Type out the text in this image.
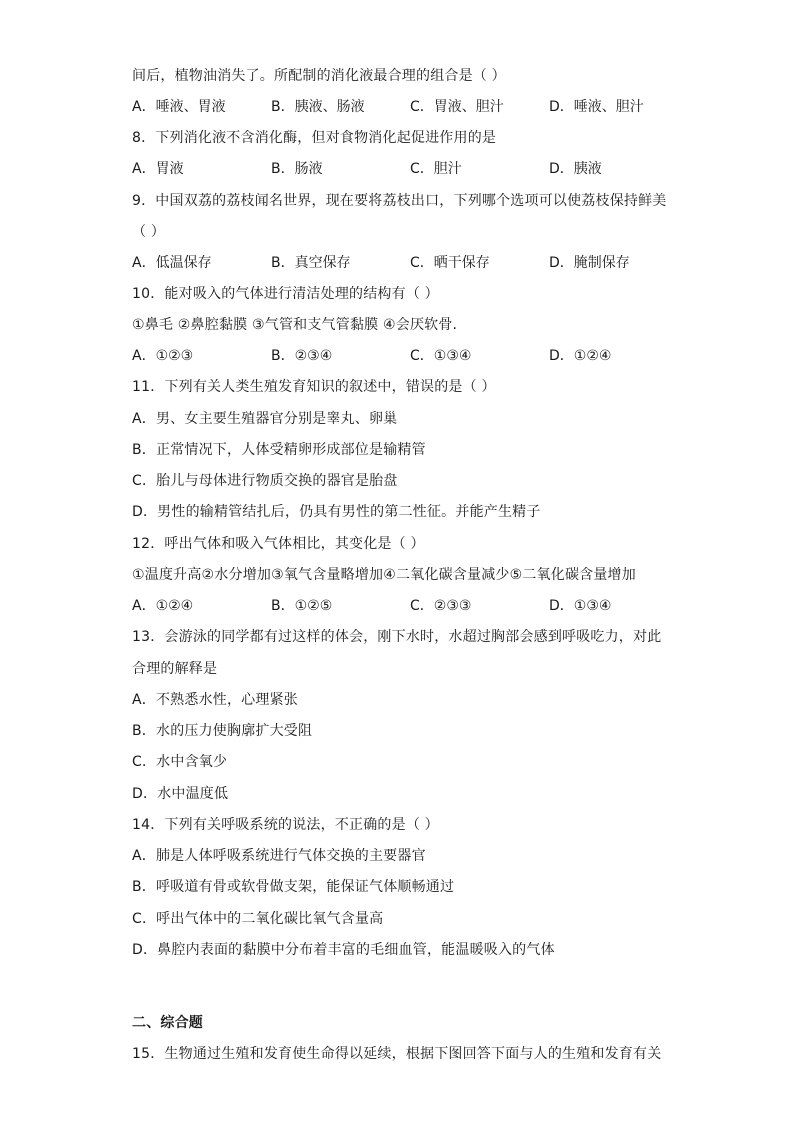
间后，植物油消失了。所配制的消化液最合理的组合是（ ）
A．唾液、胃液	B．胰液、肠液	C．胃液、胆汁	D．唾液、胆汁
8．下列消化液不含消化酶，但对食物消化起促进作用的是
A．胃液	B．肠液	C．胆汁	D．胰液
9．中国双荔的荔枝闻名世界，现在要将荔枝出口，下列哪个选项可以使荔枝保持鲜美
（ ）
A．低温保存	B．真空保存	C．晒干保存	D．腌制保存
10．能对吸入的气体进行清洁处理的结构有（ ）
①鼻毛 ②鼻腔黏膜 ③气管和支气管黏膜 ④会厌软骨.
A．①②③	B．②③④	C．①③④	D．①②④
11．下列有关人类生殖发育知识的叙述中，错误的是（ ）
A．男、女主要生殖器官分别是睾丸、卵巢
B．正常情况下，人体受精卵形成部位是输精管
C．胎儿与母体进行物质交换的器官是胎盘
D．男性的输精管结扎后，仍具有男性的第二性征。并能产生精子
12．呼出气体和吸入气体相比，其变化是（ ）
①温度升高②水分增加③氧气含量略增加④二氧化碳含量减少⑤二氧化碳含量增加
A．①②④	B．①②⑤	C．②③③	D．①③④
13．会游泳的同学都有过这样的体会，刚下水时，水超过胸部会感到呼吸吃力，对此
合理的解释是
A．不熟悉水性，心理紧张
B．水的压力使胸廓扩大受阻
C．水中含氧少
D．水中温度低
14．下列有关呼吸系统的说法，不正确的是（ ）
A．肺是人体呼吸系统进行气体交换的主要器官
B．呼吸道有骨或软骨做支架，能保证气体顺畅通过
C．呼出气体中的二氧化碳比氧气含量高
D．鼻腔内表面的黏膜中分布着丰富的毛细血管，能温暖吸入的气体
二、综合题
15．生物通过生殖和发育使生命得以延续，根据下图回答下面与人的生殖和发育有关
